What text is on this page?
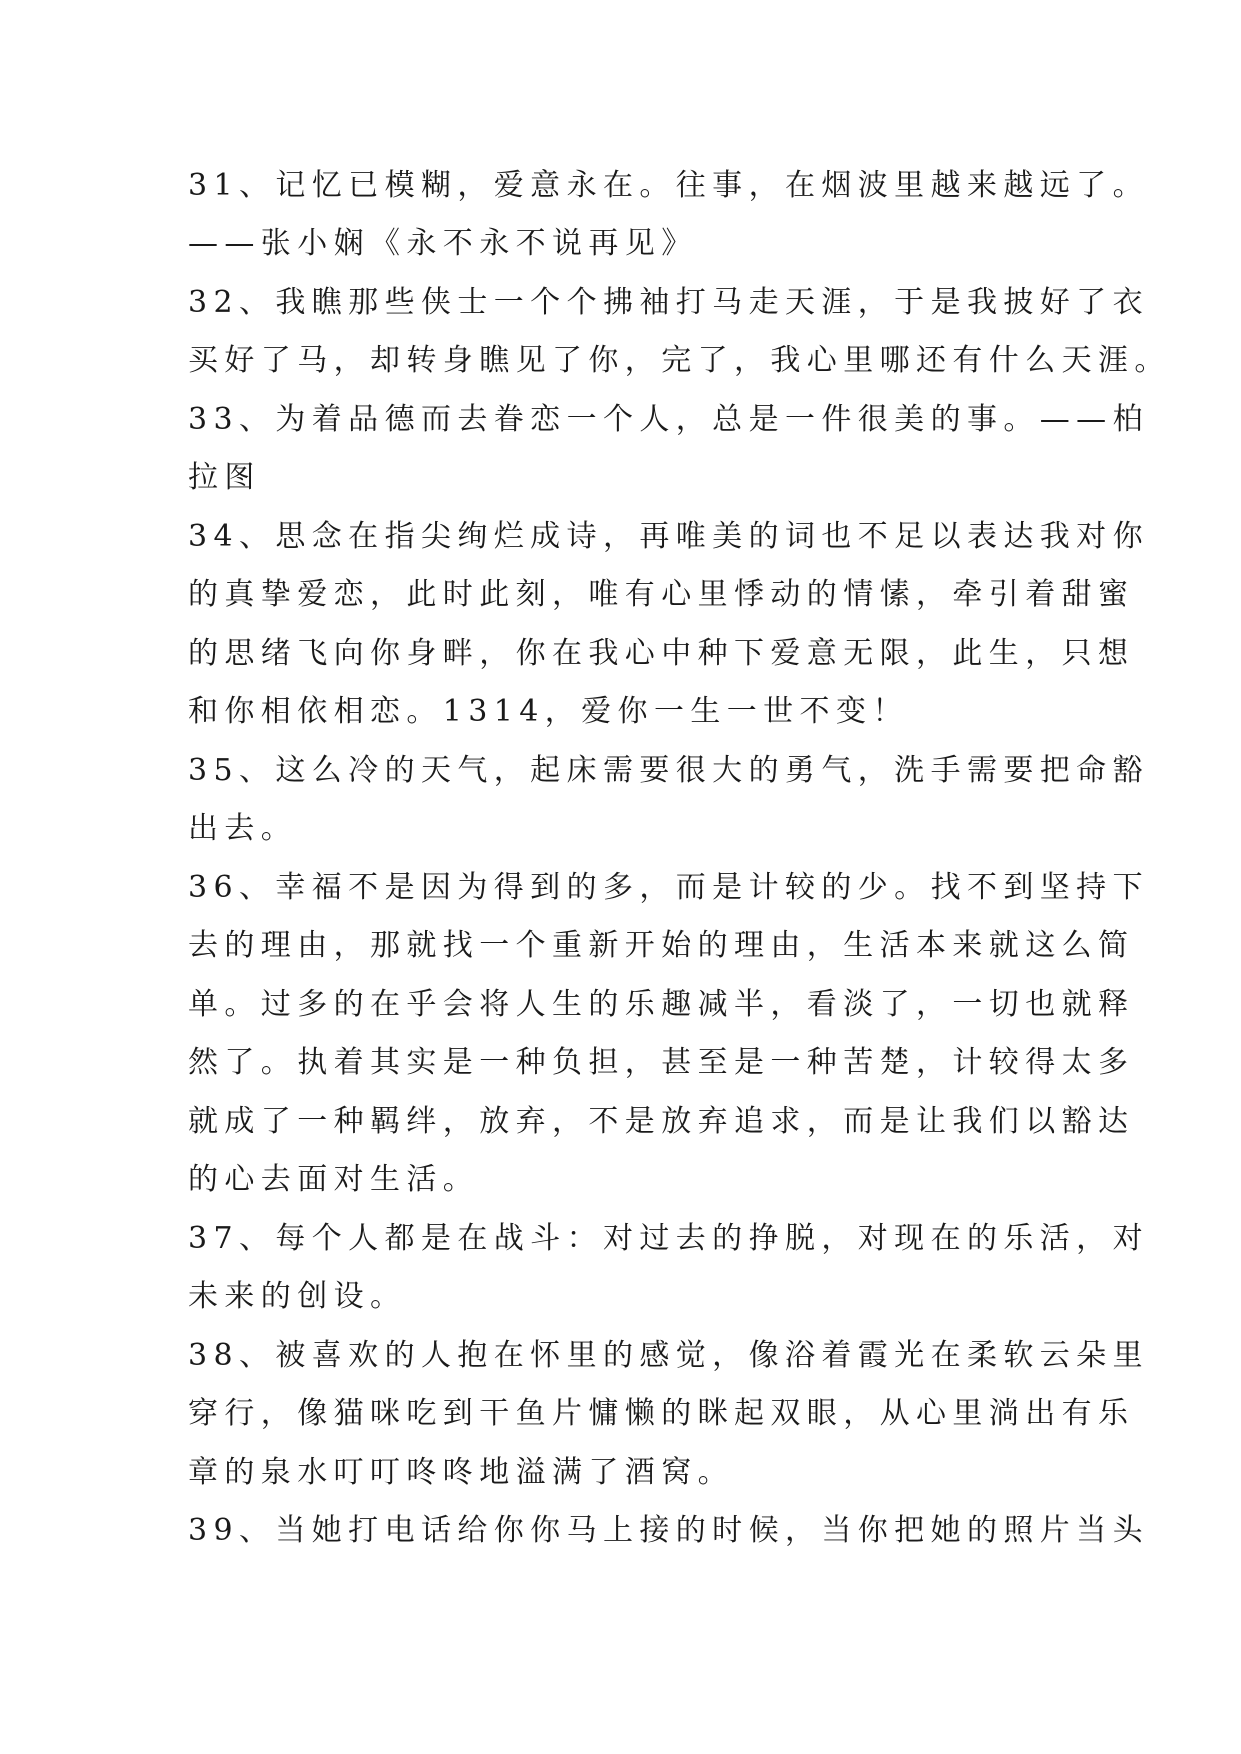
31、记忆已模糊，爱意永在。往事，在烟波里越来越远了。
——张小娴《永不永不说再见》
32、我瞧那些侠士一个个拂袖打马走天涯，于是我披好了衣
买好了马，却转身瞧见了你，完了，我心里哪还有什么天涯。
33、为着品德而去眷恋一个人，总是一件很美的事。——柏
拉图
34、思念在指尖绚烂成诗，再唯美的词也不足以表达我对你
的真挚爱恋，此时此刻，唯有心里悸动的情愫，牵引着甜蜜
的思绪飞向你身畔，你在我心中种下爱意无限，此生，只想
和你相依相恋。1314，爱你一生一世不变！
35、这么冷的天气，起床需要很大的勇气，洗手需要把命豁
出去。
36、幸福不是因为得到的多，而是计较的少。找不到坚持下
去的理由，那就找一个重新开始的理由，生活本来就这么简
单。过多的在乎会将人生的乐趣减半，看淡了，一切也就释
然了。执着其实是一种负担，甚至是一种苦楚，计较得太多
就成了一种羁绊，放弃，不是放弃追求，而是让我们以豁达
的心去面对生活。
37、每个人都是在战斗：对过去的挣脱，对现在的乐活，对
未来的创设。
38、被喜欢的人抱在怀里的感觉，像浴着霞光在柔软云朵里
穿行，像猫咪吃到干鱼片慵懒的眯起双眼，从心里淌出有乐
章的泉水叮叮咚咚地溢满了酒窝。
39、当她打电话给你你马上接的时候，当你把她的照片当头
